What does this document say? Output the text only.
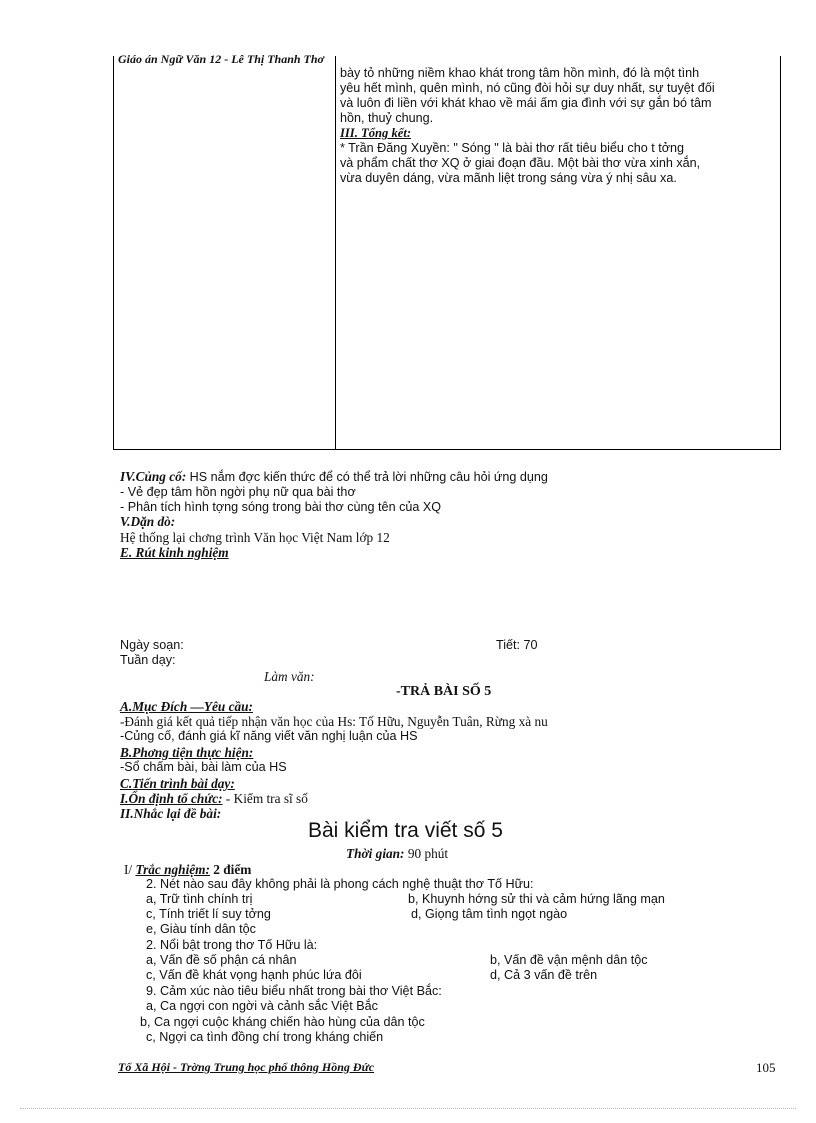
Giáo án Ngữ Văn 12 - Lê Thị Thanh Thơ

bày tỏ những niềm khao khát trong tâm hồn mình, đó là một tình

yêu hết mình, quên mình, nó cũng đòi hỏi sự duy nhất, sự tuyệt đối

và luôn đi liền với khát khao về mái ấm gia đình với sự gắn bó tâm

hồn, thuỷ chung.

III. Tổng kết:

* Trần Đăng Xuyền: " Sóng " là bài thơ rất tiêu biểu cho t tởng

và phẩm chất thơ XQ ở giai đoạn đầu. Một bài thơ vừa xinh xắn,

vừa duyên dáng, vừa mãnh liệt trong sáng vừa ý nhị sâu xa.

IV.Củng cố: HS nắm đợc kiến thức để có thể trả lời những câu hỏi ứng dụng
- Vẻ đẹp tâm hồn ngời phụ nữ qua bài thơ
- Phân tích hình tợng sóng trong bài thơ cùng tên của XQ
V.Dặn dò:
Hệ thống lại chơng trình Văn học Việt Nam lớp 12
E. Rút kinh nghiệm
Ngày soạn:	Tiết: 70
Tuần dạy:
Làm văn:
-TRẢ BÀI SỐ 5
A.Mục Đích —Yêu cầu:
-Đánh giá kết quả tiếp nhận văn học của Hs: Tố Hữu, Nguyễn Tuân, Rừng xà nu
-Củng cố, đánh giá kĩ năng viết văn nghị luận của HS
B.Phơng tiện thực hiện:
-Sổ chấm bài, bài làm của HS
C.Tiến trình bài dạy:
I.Ổn định tổ chức: - Kiểm tra sĩ số
II.Nhắc lại đề bài:
Bài kiểm tra viết số 5
Thời gian: 90 phút
I/ Trắc nghiệm: 2 điểm
2. Nét nào sau đây không phải là phong cách nghệ thuật thơ Tố Hữu:
a, Trữ tình chính trị	b, Khuynh hớng sử thi và cảm hứng lãng mạn
c, Tính triết lí suy tởng	d, Giọng tâm tình ngọt ngào
e, Giàu tính dân tộc
2. Nổi bật trong thơ Tố Hữu là:
a, Vấn đề số phận cá nhân	b, Vấn đề vận mệnh dân tộc
c, Vấn đề khát vọng hạnh phúc lứa đôi	d, Cả 3 vấn đề trên
9. Cảm xúc nào tiêu biểu nhất trong bài thơ Việt Bắc:
a, Ca ngợi con ngời và cảnh sắc Việt Bắc
b, Ca ngợi cuộc kháng chiến hào hùng của dân tộc
c, Ngợi ca tình đồng chí trong kháng chiến
Tổ Xã Hội - Trờng Trung học phổ thông Hồng Đức	105
